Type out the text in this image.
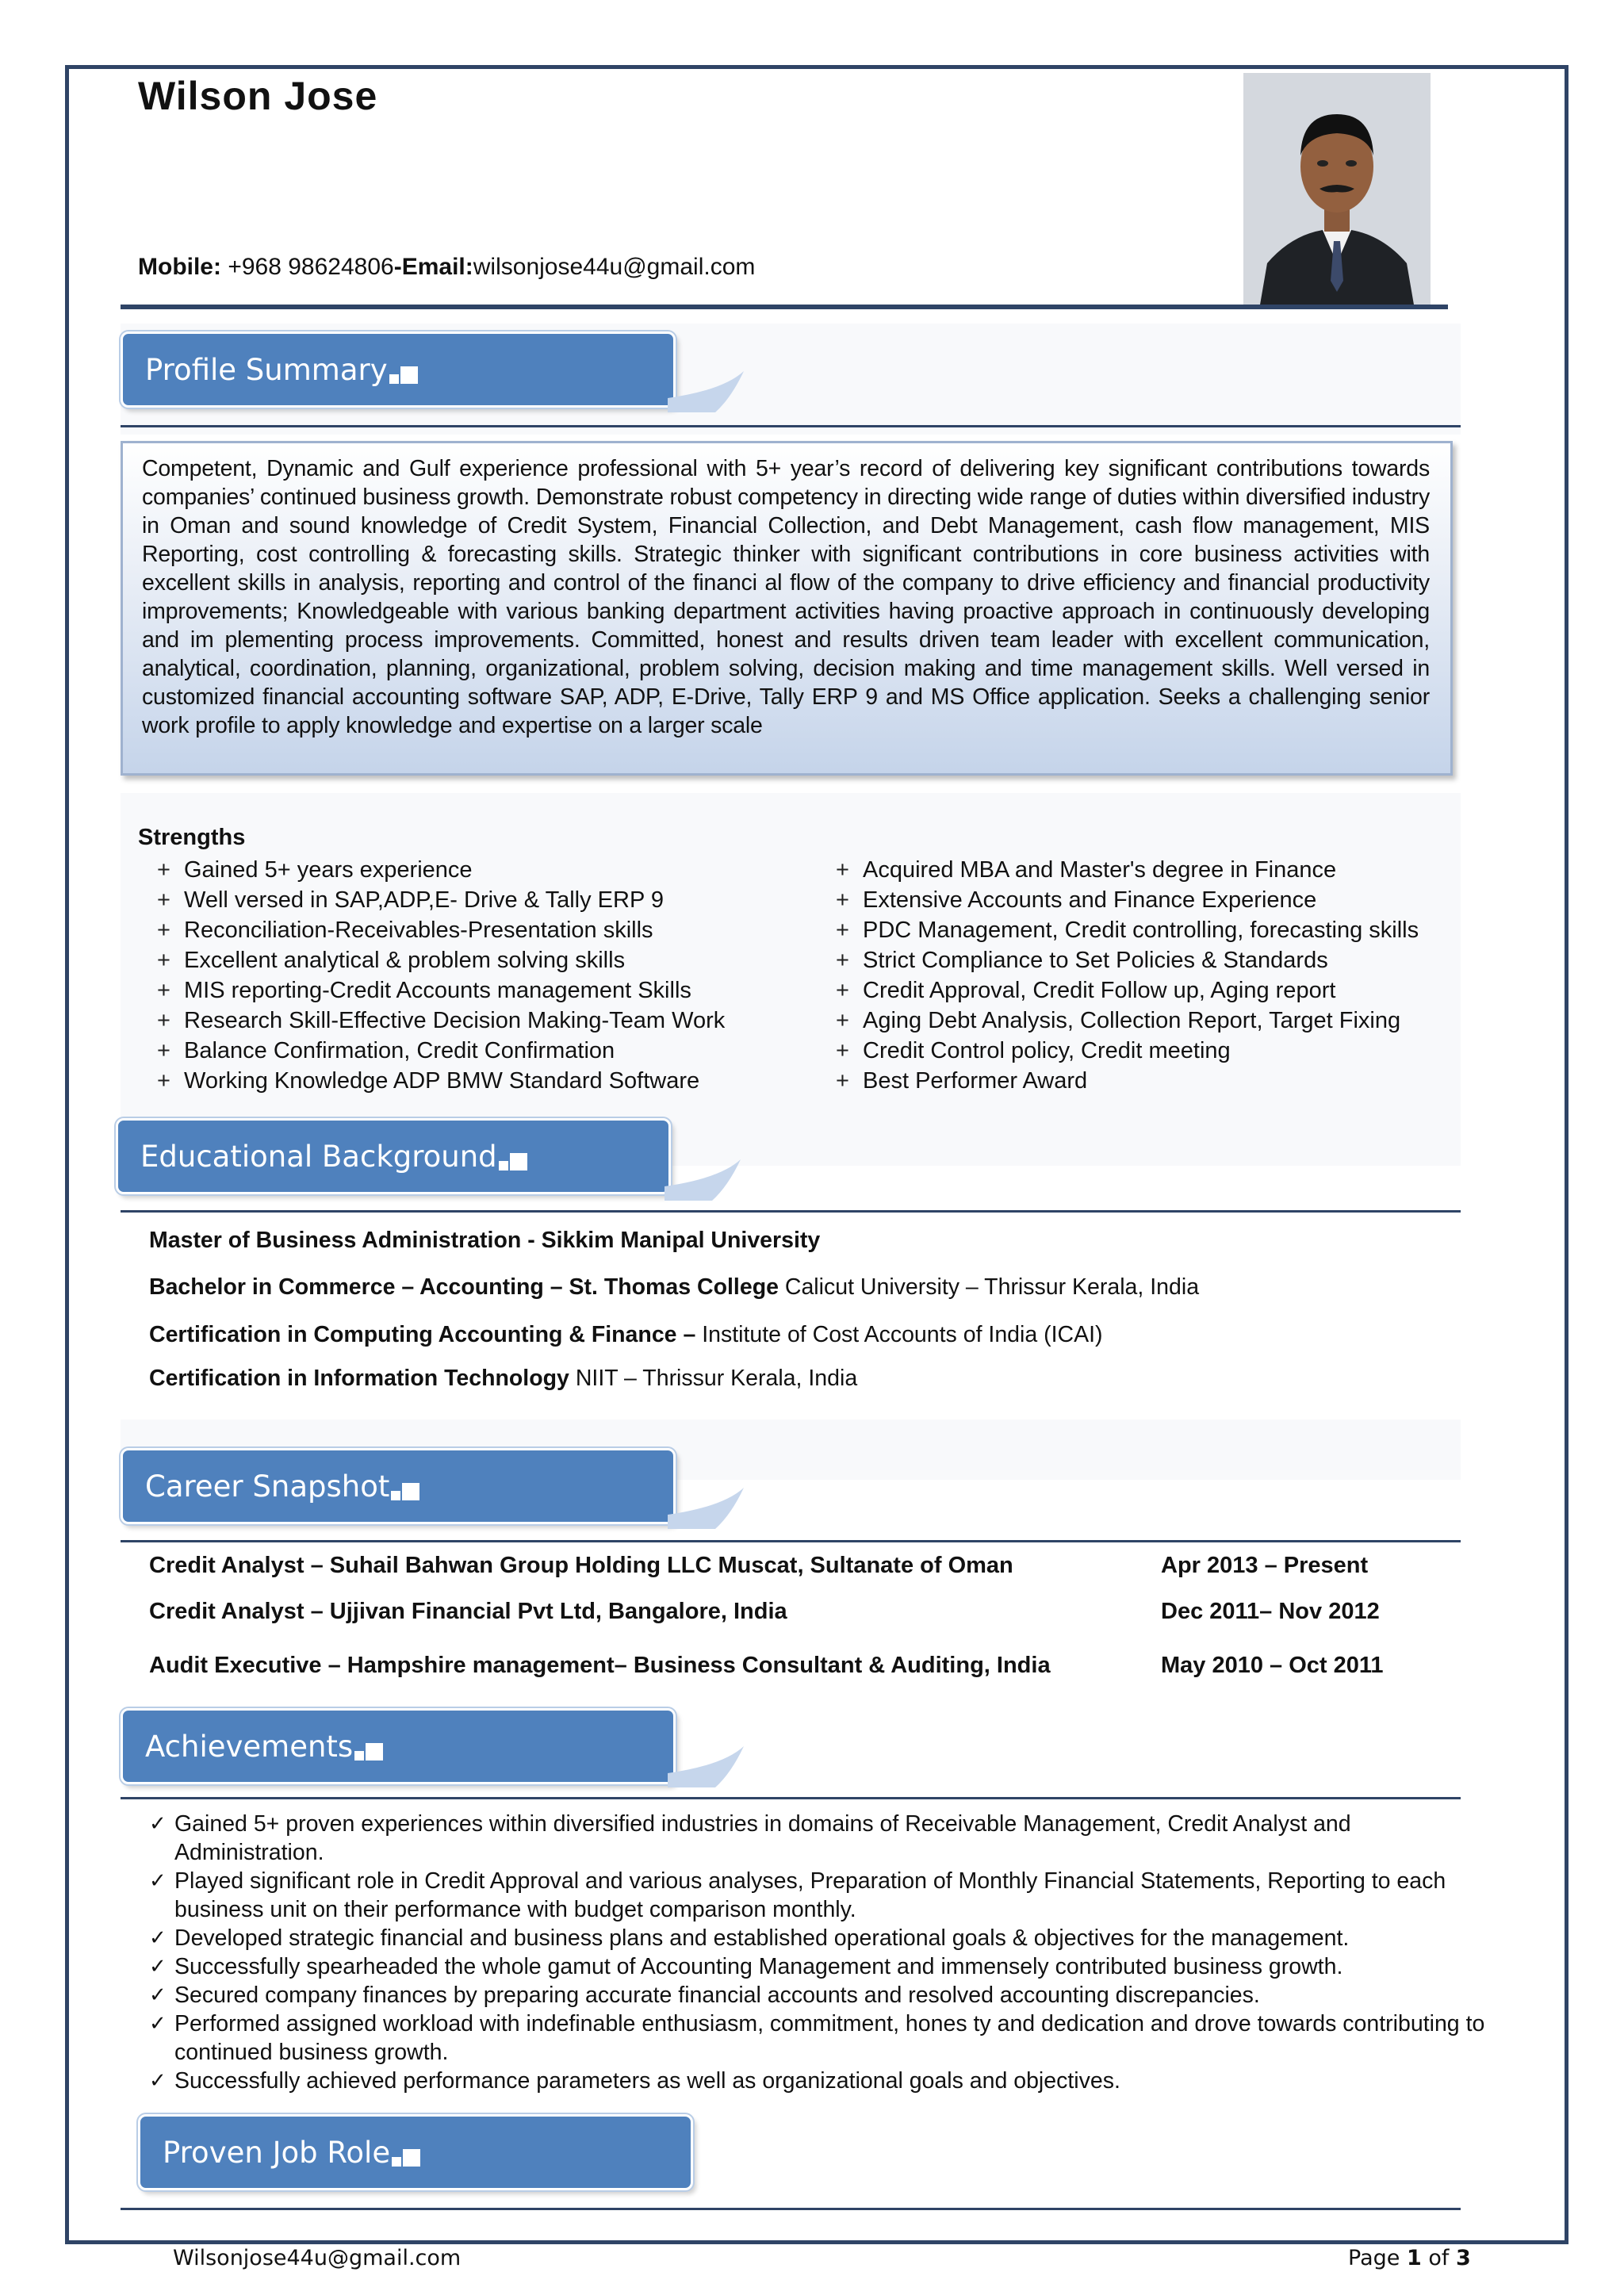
Wilson Jose
Mobile: +968 98624806-Email:wilsonjose44u@gmail.com
Profile Summary

Competent, Dynamic and Gulf experience professional with 5+ year’s record of delivering key significant contributions towards companies’ continued business growth. Demonstrate robust competency in directing wide range of duties within diversified industry in Oman and sound knowledge of Credit System, Financial Collection, and Debt Management, cash flow management, MIS Reporting, cost controlling & forecasting skills. Strategic thinker with significant contributions in core business activities with excellent skills in analysis, reporting and control of the financi al flow of the company to drive efficiency and financial productivity improvements; Knowledgeable with various banking department activities having proactive approach in continuously developing and im plementing process improvements. Committed, honest and results driven team leader with excellent communication, analytical, coordination, planning, organizational, problem solving, decision making and time management skills. Well versed in customized financial accounting software SAP, ADP, E-Drive, Tally ERP 9 and MS Office application. Seeks a challenging senior work profile to apply knowledge and expertise on a larger scale

Strengths
+ Gained 5+ years experience
+ Well versed in SAP,ADP,E- Drive & Tally ERP 9
+ Reconciliation-Receivables-Presentation skills
+ Excellent analytical & problem solving skills
+ MIS reporting-Credit Accounts management Skills
+ Research Skill-Effective Decision Making-Team Work
+ Balance Confirmation, Credit Confirmation
+ Working Knowledge ADP BMW Standard Software
+ Acquired MBA and Master's degree in Finance
+ Extensive Accounts and Finance Experience
+ PDC Management, Credit controlling, forecasting skills
+ Strict Compliance to Set Policies & Standards
+ Credit Approval, Credit Follow up, Aging report
+ Aging Debt Analysis, Collection Report, Target Fixing
+ Credit Control policy, Credit meeting
+ Best Performer Award
Educational Background
Master of Business Administration - Sikkim Manipal University
Bachelor in Commerce – Accounting – St. Thomas College Calicut University – Thrissur Kerala, India
Certification in Computing Accounting & Finance – Institute of Cost Accounts of India (ICAI)
Certification in Information Technology NIIT – Thrissur Kerala, India
Career Snapshot
Credit Analyst – Suhail Bahwan Group Holding LLC Muscat, Sultanate of Oman	Apr 2013 – Present
Credit Analyst – Ujjivan Financial Pvt Ltd, Bangalore, India	Dec 2011– Nov 2012
Audit Executive – Hampshire management– Business Consultant & Auditing, India	May 2010 – Oct 2011
Achievements
✓ Gained 5+ proven experiences within diversified industries in domains of Receivable Management, Credit Analyst and Administration.
✓ Played significant role in Credit Approval and various analyses, Preparation of Monthly Financial Statements, Reporting to each business unit on their performance with budget comparison monthly.
✓ Developed strategic financial and business plans and established operational goals & objectives for the management.
✓ Successfully spearheaded the whole gamut of Accounting Management and immensely contributed business growth.
✓ Secured company finances by preparing accurate financial accounts and resolved accounting discrepancies.
✓ Performed assigned workload with indefinable enthusiasm, commitment, hones ty and dedication and drove towards contributing to continued business growth.
✓ Successfully achieved performance parameters as well as organizational goals and objectives.
Proven Job Role
Wilsonjose44u@gmail.com	Page 1 of 3
